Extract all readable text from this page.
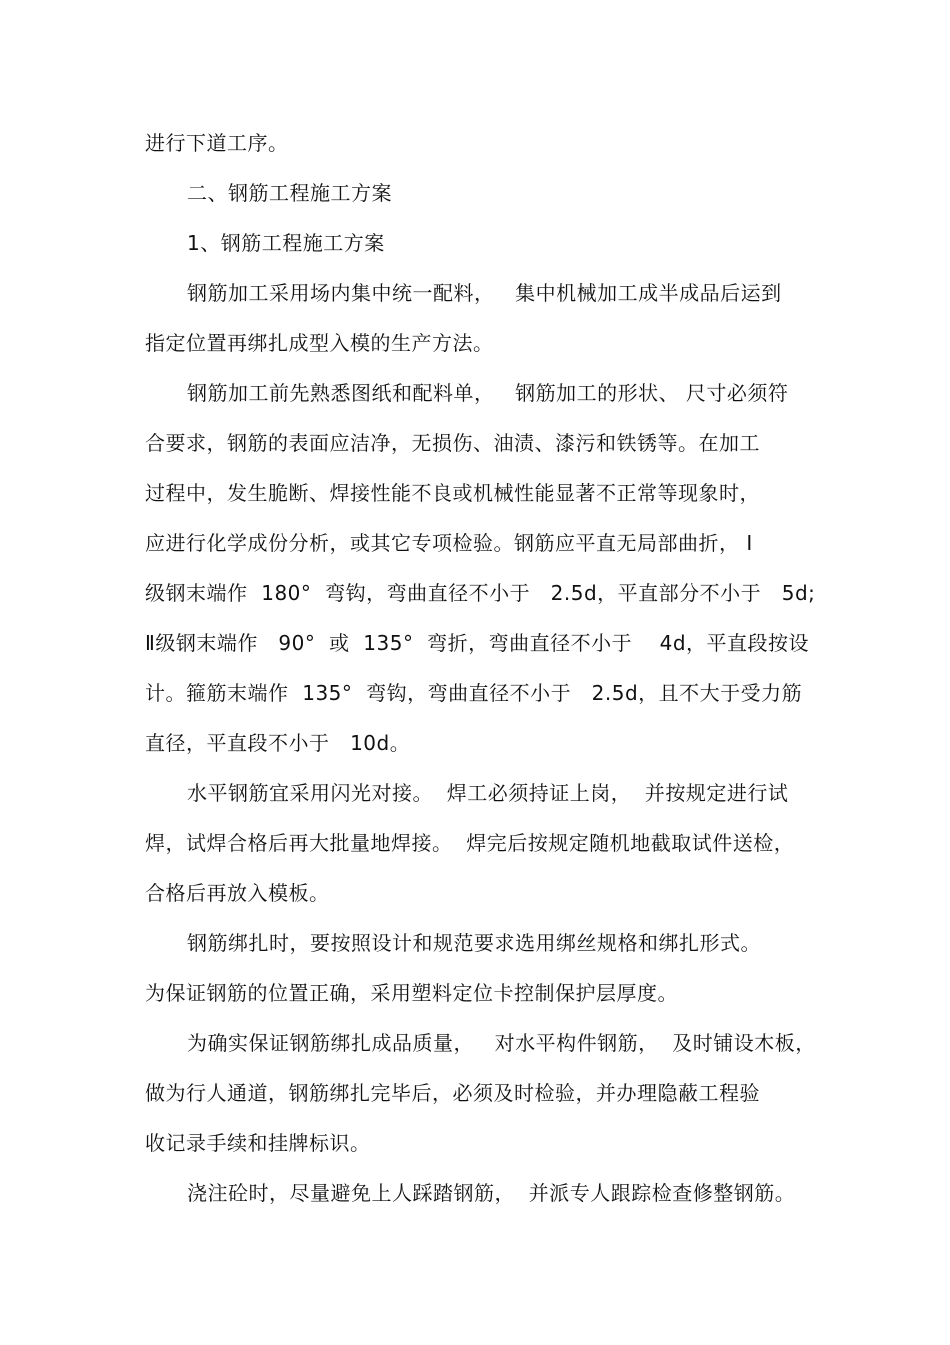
进行下道工序。
二、钢筋工程施工方案
1、钢筋工程施工方案
钢筋加工采用场内集中统一配料，   集中机械加工成半成品后运到
指定位置再绑扎成型入模的生产方法。
钢筋加工前先熟悉图纸和配料单，   钢筋加工的形状、 尺寸必须符
合要求，钢筋的表面应洁净，无损伤、油渍、漆污和铁锈等。在加工
过程中，发生脆断、焊接性能不良或机械性能显著不正常等现象时，
应进行化学成份分析，或其它专项检验。钢筋应平直无局部曲折， Ⅰ
级钢末端作  180°  弯钩，弯曲直径不小于   2.5d，平直部分不小于   5d;
Ⅱ级钢末端作   90°  或  135°  弯折，弯曲直径不小于    4d，平直段按设
计。箍筋末端作  135°  弯钩，弯曲直径不小于   2.5d，且不大于受力筋
直径，平直段不小于   10d。
水平钢筋宜采用闪光对接。  焊工必须持证上岗，  并按规定进行试
焊，试焊合格后再大批量地焊接。  焊完后按规定随机地截取试件送检，
合格后再放入模板。
钢筋绑扎时，要按照设计和规范要求选用绑丝规格和绑扎形式。
为保证钢筋的位置正确，采用塑料定位卡控制保护层厚度。
为确实保证钢筋绑扎成品质量，   对水平构件钢筋，  及时铺设木板，
做为行人通道，钢筋绑扎完毕后，必须及时检验，并办理隐蔽工程验
收记录手续和挂牌标识。
浇注砼时，尽量避免上人踩踏钢筋，  并派专人跟踪检查修整钢筋。
